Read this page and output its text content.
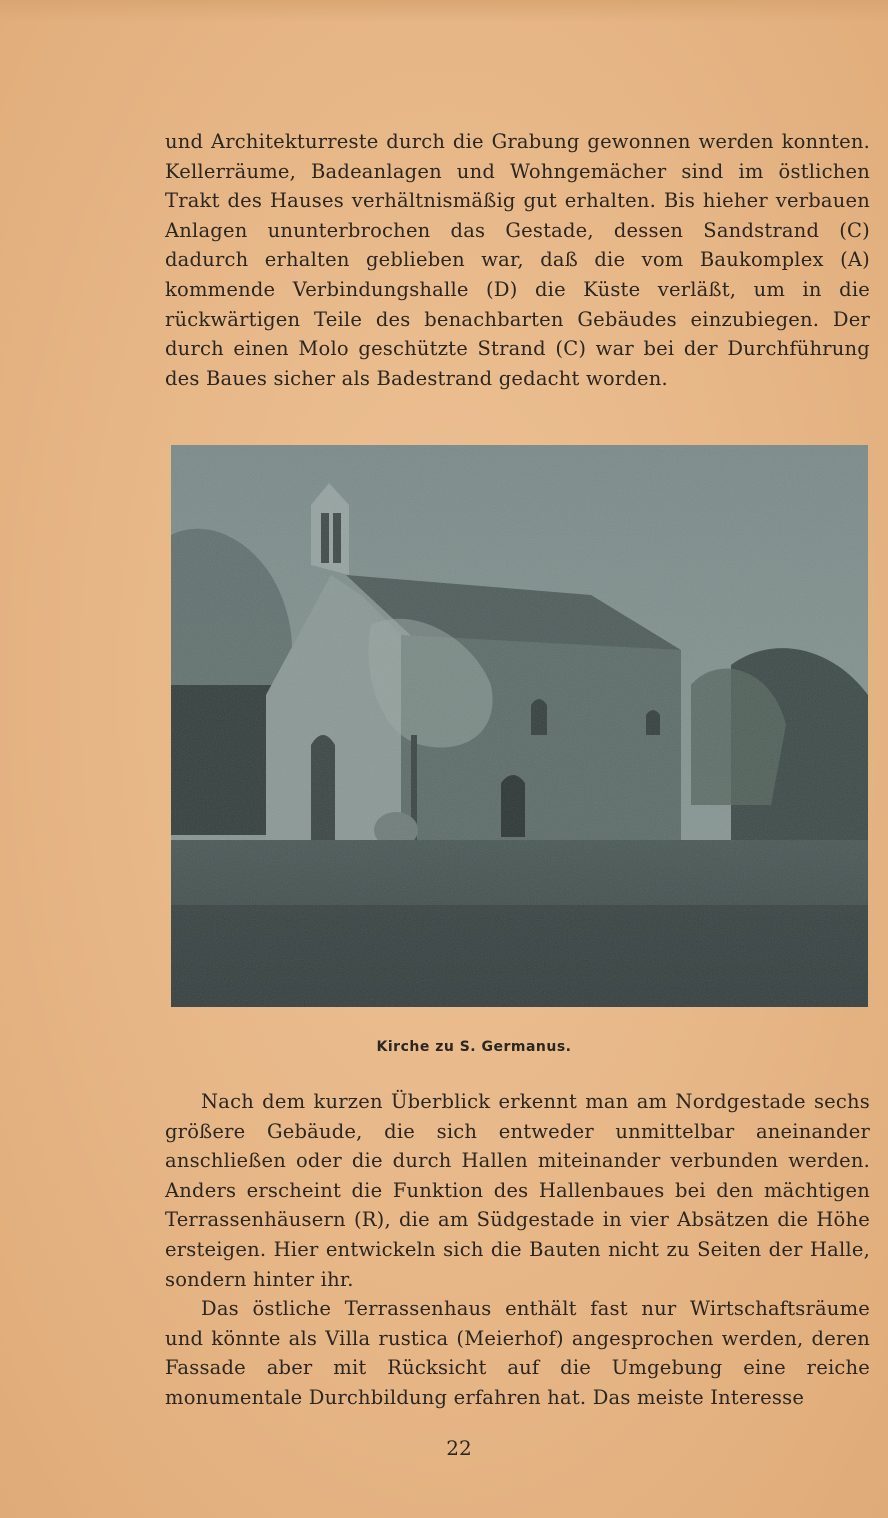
und Architekturreste durch die Grabung gewonnen werden konnten. Kellerräume, Badeanlagen und Wohngemächer sind im östlichen Trakt des Hauses verhältnismäßig gut erhalten. Bis hieher verbauen Anlagen ununterbrochen das Gestade, dessen Sandstrand (C) dadurch erhalten geblieben war, daß die vom Baukomplex (A) kommende Verbindungshalle (D) die Küste verläßt, um in die rückwärtigen Teile des benachbarten Gebäudes einzubiegen. Der durch einen Molo geschützte Strand (C) war bei der Durchführung des Baues sicher als Badestrand gedacht worden.

Kirche zu S. Germanus.

Nach dem kurzen Überblick erkennt man am Nordgestade sechs größere Gebäude, die sich entweder unmittelbar aneinander anschließen oder die durch Hallen miteinander verbunden werden. Anders erscheint die Funktion des Hallenbaues bei den mächtigen Terrassenhäusern (R), die am Südgestade in vier Absätzen die Höhe ersteigen. Hier entwickeln sich die Bauten nicht zu Seiten der Halle, sondern hinter ihr.

Das östliche Terrassenhaus enthält fast nur Wirtschaftsräume und könnte als Villa rustica (Meierhof) angesprochen werden, deren Fassade aber mit Rücksicht auf die Umgebung eine reiche monumentale Durchbildung erfahren hat. Das meiste Interesse

22
